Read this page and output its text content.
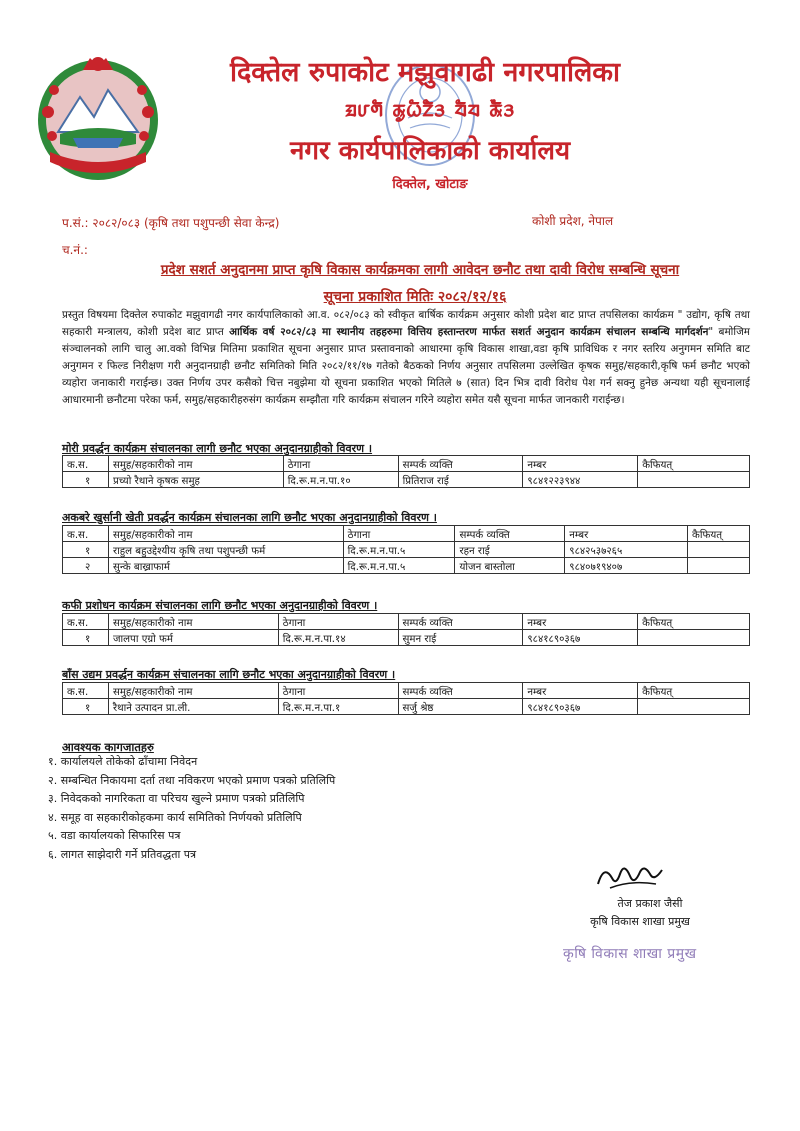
दिक्तेल रुपाकोट मझुवागढी नगरपालिका
ᤀᤙᤛᤠ ᤊᤢᤐᤠᤁᤧᤠᤋ ᤔᤠᤔ ᤊᤧᤠᤋ
नगर कार्यपालिकाको कार्यालय
दिक्तेल, खोटाङ
प.सं.: २०८२/०८३ (कृषि तथा पशुपन्छी सेवा केन्द्र)	कोशी प्रदेश, नेपाल
च.नं.:
प्रदेश सशर्त अनुदानमा प्राप्त कृषि विकास कार्यक्रमका लागी आवेदन छनौट तथा दावी विरोध सम्बन्धि सूचना
सूचना प्रकाशित मितिः २०८२/१२/१६
प्रस्तुत विषयमा दिक्तेल रुपाकोट मझुवागढी नगर कार्यपालिकाको आ.व. ०८२/०८३ को स्वीकृत बार्षिक कार्यक्रम अनुसार कोशी प्रदेश बाट प्राप्त तपसिलका कार्यक्रम " उद्योग, कृषि तथा सहकारी मन्त्रालय, कोशी प्रदेश बाट प्राप्त आर्थिक वर्ष २०८२/८३ मा स्थानीय तहहरुमा वित्तिय हस्तान्तरण मार्फत सशर्त अनुदान कार्यक्रम संचालन सम्बन्धि मार्गदर्शन" बमोजिम संञ्चालनको लागि चालु आ.वको विभिन्न मितिमा प्रकाशित सूचना अनुसार प्राप्त प्रस्तावनाको आधारमा कृषि विकास शाखा,वडा कृषि प्राविधिक र नगर स्तरिय अनुगमन समिति बाट अनुगमन र फिल्ड निरीक्षण गरी अनुदानग्राही छनौट समितिको मिति २०८२/११/१७ गतेको बैठकको निर्णय अनुसार तपसिलमा उल्लेखित कृषक समुह/सहकारी,कृषि फर्म छनौट भएको व्यहोरा जनाकारी गराईन्छ। उक्त निर्णय उपर कसैको चित्त नबुझेमा यो सूचना प्रकाशित भएको मितिले ७ (सात) दिन भित्र दावी विरोध पेश गर्न सक्नु हुनेछ अन्यथा यही सूचनालाई आधारमानी छनौटमा परेका फर्म, समुह/सहकारीहरुसंग कार्यक्रम सम्झौता गरि कार्यक्रम संचालन गरिने व्यहोरा समेत यसै सूचना मार्फत जानकारी गराईन्छ।
मोरी प्रवर्द्धन कार्यक्रम संचालनका लागी छनौट भएका अनुदानग्राहीको विवरण ।
क.स.	समुह/सहकारीको नाम	ठेगाना	सम्पर्क व्यक्ति	नम्बर	कैफियत्
१	प्रच्यो रैथाने कृषक समुह	दि.रू.म.न.पा.१०	प्रितिराज राई	९८४१२२३९४४	
अकबरे खुर्सानी खेती प्रवर्द्धन कार्यक्रम संचालनका लागि छनौट भएका अनुदानग्राहीको विवरण ।
क.स.	समुह/सहकारीको नाम	ठेगाना	सम्पर्क व्यक्ति	नम्बर	कैफियत्
१	राहुल बहुउद्देश्यीय कृषि तथा पशुपन्छी फर्म	दि.रू.म.न.पा.५	रहन राई	९८४२५३७२६५	
२	सुन्के बाख्राफार्म	दि.रू.म.न.पा.५	योजन बास्तोला	९८४०७१९४०७	
कफी प्रशोधन कार्यक्रम संचालनका लागि छनौट भएका अनुदानग्राहीको विवरण ।
क.स.	समुह/सहकारीको नाम	ठेगाना	सम्पर्क व्यक्ति	नम्बर	कैफियत्
१	जालपा एग्रो फर्म	दि.रू.म.न.पा.१४	सुमन राई	९८४१८९०३६७	
बाँस उद्यम प्रवर्द्धन कार्यक्रम संचालनका लागि छनौट भएका अनुदानग्राहीको विवरण ।
क.स.	समुह/सहकारीको नाम	ठेगाना	सम्पर्क व्यक्ति	नम्बर	कैफियत्
१	रैथाने उत्पादन प्रा.ली.	दि.रू.म.न.पा.१	सर्जु श्रेष्ठ	९८४१८९०३६७	
आवश्यक कागजातहरु
१. कार्यालयले तोकेको ढाँचामा निवेदन
२. सम्बन्धित निकायमा दर्ता तथा नविकरण भएको प्रमाण पत्रको प्रतिलिपि
३. निवेदकको नागरिकता वा परिचय खुल्ने प्रमाण पत्रको प्रतिलिपि
४. समूह वा सहकारीकोहकमा कार्य समितिको निर्णयको प्रतिलिपि
५. वडा कार्यालयको सिफारिस पत्र
६. लागत साझेदारी गर्ने प्रतिवद्धता पत्र
तेज प्रकाश जैसी
कृषि विकास शाखा प्रमुख
कृषि विकास शाखा प्रमुख
